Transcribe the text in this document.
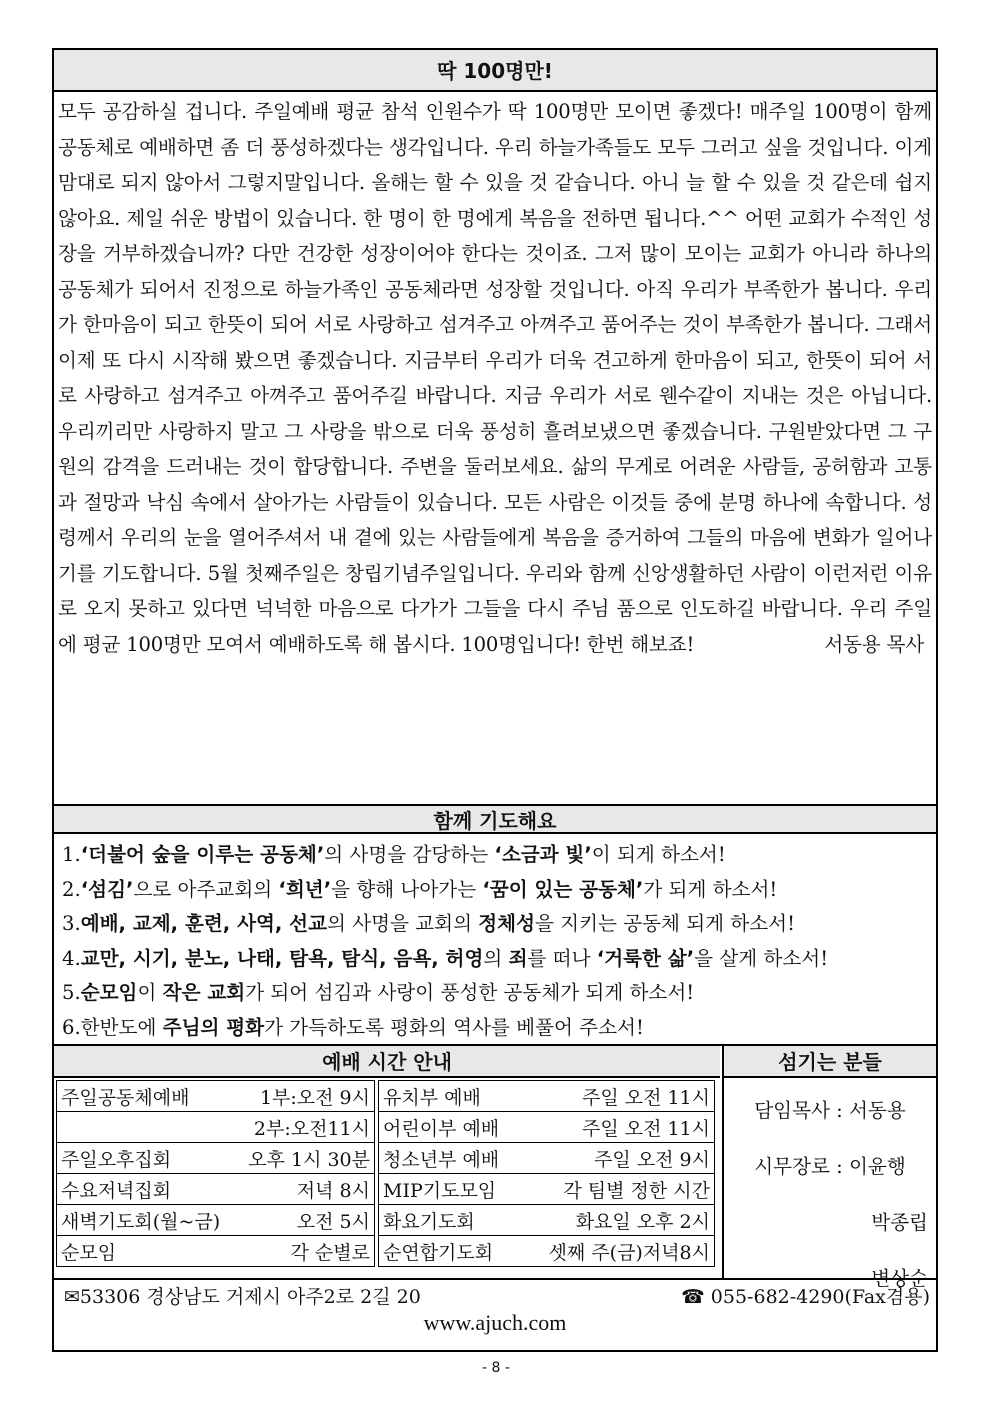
딱 100명만!

모두 공감하실 겁니다. 주일예배 평균 참석 인원수가 딱 100명만 모이면 좋겠다! 매주일 100명이 함께 공동체로 예배하면 좀 더 풍성하겠다는 생각입니다. 우리 하늘가족들도 모두 그러고 싶을 것입니다. 이게 맘대로 되지 않아서 그렇지말입니다. 올해는 할 수 있을 것 같습니다. 아니 늘 할 수 있을 것 같은데 쉽지 않아요. 제일 쉬운 방법이 있습니다. 한 명이 한 명에게 복음을 전하면 됩니다.^^ 어떤 교회가 수적인 성장을 거부하겠습니까? 다만 건강한 성장이어야 한다는 것이죠. 그저 많이 모이는 교회가 아니라 하나의 공동체가 되어서 진정으로 하늘가족인 공동체라면 성장할 것입니다. 아직 우리가 부족한가 봅니다. 우리가 한마음이 되고 한뜻이 되어 서로 사랑하고 섬겨주고 아껴주고 품어주는 것이 부족한가 봅니다. 그래서 이제 또 다시 시작해 봤으면 좋겠습니다. 지금부터 우리가 더욱 견고하게 한마음이 되고, 한뜻이 되어 서로 사랑하고 섬겨주고 아껴주고 품어주길 바랍니다. 지금 우리가 서로 웬수같이 지내는 것은 아닙니다. 우리끼리만 사랑하지 말고 그 사랑을 밖으로 더욱 풍성히 흘려보냈으면 좋겠습니다. 구원받았다면 그 구원의 감격을 드러내는 것이 합당합니다. 주변을 둘러보세요. 삶의 무게로 어려운 사람들, 공허함과 고통과 절망과 낙심 속에서 살아가는 사람들이 있습니다. 모든 사람은 이것들 중에 분명 하나에 속합니다. 성령께서 우리의 눈을 열어주셔서 내 곁에 있는 사람들에게 복음을 증거하여 그들의 마음에 변화가 일어나기를 기도합니다. 5월 첫째주일은 창립기념주일입니다. 우리와 함께 신앙생활하던 사람이 이런저런 이유로 오지 못하고 있다면 넉넉한 마음으로 다가가 그들을 다시 주님 품으로 인도하길 바랍니다. 우리 주일에 평균 100명만 모여서 예배하도록 해 봅시다. 100명입니다! 한번 해보죠!	서동용 목사

함께 기도해요
1.‘더불어 숲을 이루는 공동체’의 사명을 감당하는 ‘소금과 빛’이 되게 하소서!
2.‘섬김’으로 아주교회의 ‘희년’을 향해 나아가는 ‘꿈이 있는 공동체’가 되게 하소서!
3.예배, 교제, 훈련, 사역, 선교의 사명을 교회의 정체성을 지키는 공동체 되게 하소서!
4.교만, 시기, 분노, 나태, 탐욕, 탐식, 음욕, 허영의 죄를 떠나 ‘거룩한 삶’을 살게 하소서!
5.순모임이 작은 교회가 되어 섬김과 사랑이 풍성한 공동체가 되게 하소서!
6.한반도에 주님의 평화가 가득하도록 평화의 역사를 베풀어 주소서!
예배 시간 안내
주일공동체예배 1부:오전 9시		유치부 예배 주일 오전 11시

2부:오전11시		어린이부 예배 주일 오전 11시

주일오후집회 오후 1시 30분		청소년부 예배 주일 오전 9시

수요저녁집회 저녁 8시		MIP기도모임 각 팀별 정한 시간

새벽기도회(월~금) 오전 5시		화요기도회 화요일 오후 2시

순모임 각 순별로		순연합기도회 셋째 주(금)저녁8시
섬기는 분들
담임목사 : 서동용
시무장로 : 이윤행
박종립
변상순
✉53306 경상남도 거제시 아주2로 2길 20	☎ 055-682-4290(Fax겸용)
www.ajuch.com
- 8 -
